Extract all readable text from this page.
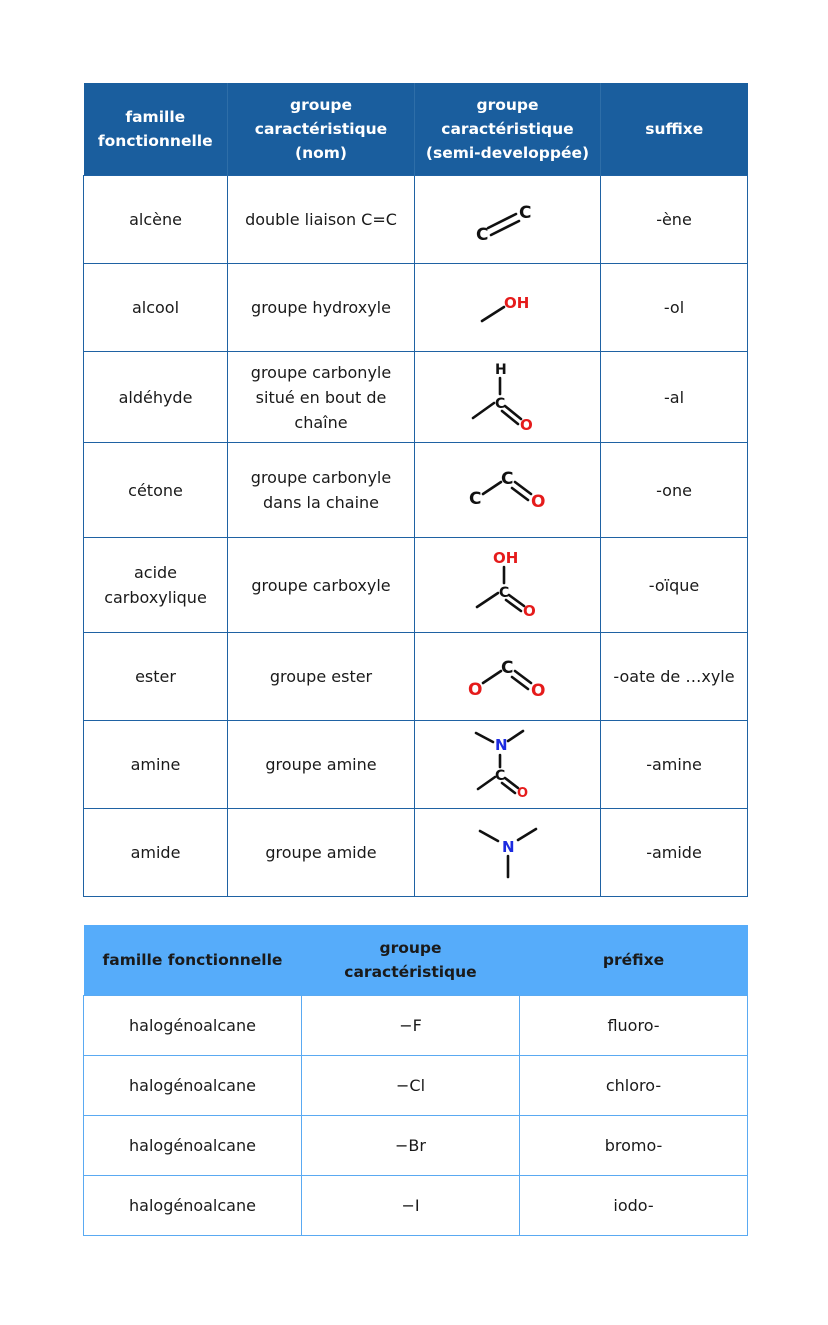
famille
fonctionnelle	groupe
caractéristique
(nom)	groupe
caractéristique
(semi-developpée)	suffixe

alcène	double liaison C=C	C
C	-ène
alcool	groupe hydroxyle	OH	-ol
aldéhyde	groupe carbonyle
situé en bout de
chaîne	H
C
O	-al
cétone	groupe carbonyle
dans la chaine	C
C
O	-one

acide
carboxylique	groupe carboxyle	OH
C
O	-oïque
ester	groupe ester	O
C
O	-oate de …xyle
amine	groupe amine	N
C
O	-amine
amide	groupe amide	N	-amide
famille fonctionnelle	groupe
caractéristique	préfixe
halogénoalcane	−F	fluoro-
halogénoalcane	−Cl	chloro-
halogénoalcane	−Br	bromo-
halogénoalcane	−I	iodo-
